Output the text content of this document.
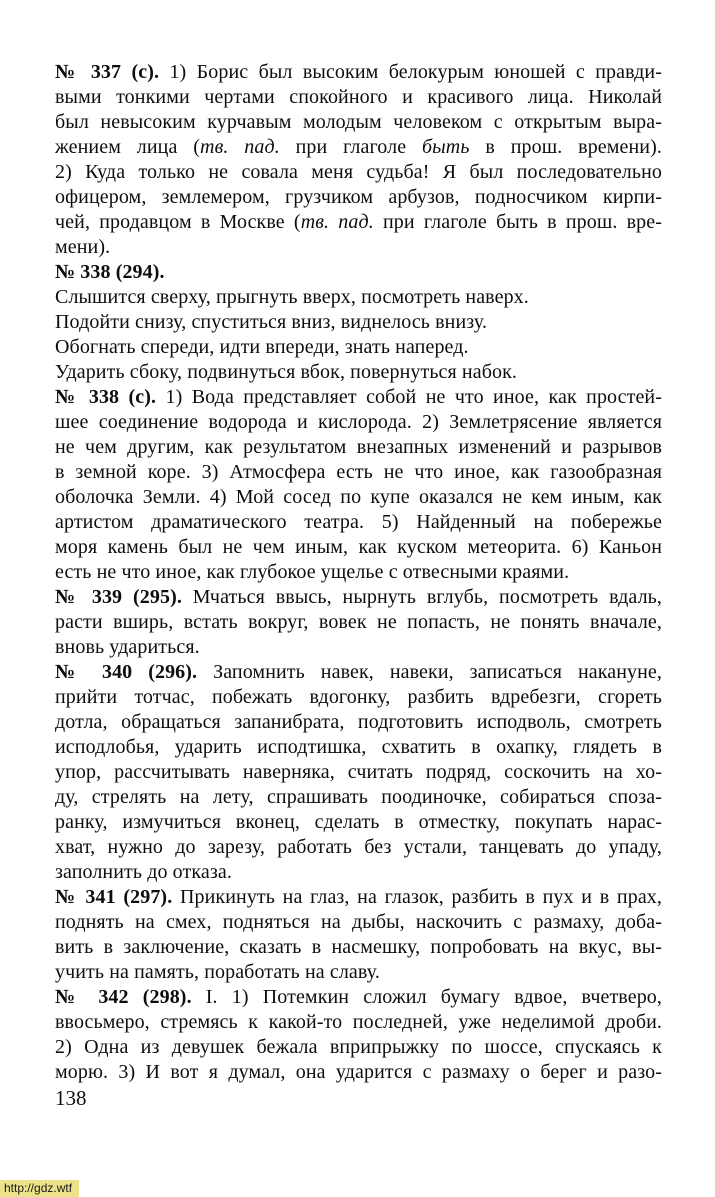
№ 337 (с). 1) Борис был высоким белокурым юношей с правди-
выми тонкими чертами спокойного и красивого лица. Николай
был невысоким курчавым молодым человеком с открытым выра-
жением лица (тв. пад. при глаголе быть в прош. времени).
2) Куда только не совала меня судьба! Я был последовательно
офицером, землемером, грузчиком арбузов, подносчиком кирпи-
чей, продавцом в Москве (тв. пад. при глаголе быть в прош. вре-
мени).
№ 338 (294).
Слышится сверху, прыгнуть вверх, посмотреть наверх.
Подойти снизу, спуститься вниз, виднелось внизу.
Обогнать спереди, идти впереди, знать наперед.
Ударить сбоку, подвинуться вбок, повернуться набок.
№ 338 (с). 1) Вода представляет собой не что иное, как простей-
шее соединение водорода и кислорода. 2) Землетрясение является
не чем другим, как результатом внезапных изменений и разрывов
в земной коре. 3) Атмосфера есть не что иное, как газообразная
оболочка Земли. 4) Мой сосед по купе оказался не кем иным, как
артистом драматического театра. 5) Найденный на побережье
моря камень был не чем иным, как куском метеорита. 6) Каньон
есть не что иное, как глубокое ущелье с отвесными краями.
№ 339 (295). Мчаться ввысь, нырнуть вглубь, посмотреть вдаль,
расти вширь, встать вокруг, вовек не попасть, не понять вначале,
вновь удариться.
№ 340 (296). Запомнить навек, навеки, записаться накануне,
прийти тотчас, побежать вдогонку, разбить вдребезги, сгореть
дотла, обращаться запанибрата, подготовить исподволь, смотреть
исподлобья, ударить исподтишка, схватить в охапку, глядеть в
упор, рассчитывать наверняка, считать подряд, соскочить на хо-
ду, стрелять на лету, спрашивать поодиночке, собираться споза-
ранку, измучиться вконец, сделать в отместку, покупать нарас-
хват, нужно до зарезу, работать без устали, танцевать до упаду,
заполнить до отказа.
№ 341 (297). Прикинуть на глаз, на глазок, разбить в пух и в прах,
поднять на смех, подняться на дыбы, наскочить с размаху, доба-
вить в заключение, сказать в насмешку, попробовать на вкус, вы-
учить на память, поработать на славу.
№ 342 (298). I. 1) Потемкин сложил бумагу вдвое, вчетверо,
ввосьмеро, стремясь к какой-то последней, уже неделимой дроби.
2) Одна из девушек бежала вприпрыжку по шоссе, спускаясь к
морю. 3) И вот я думал, она ударится с размаху о берег и разо-
138
http://gdz.wtf
